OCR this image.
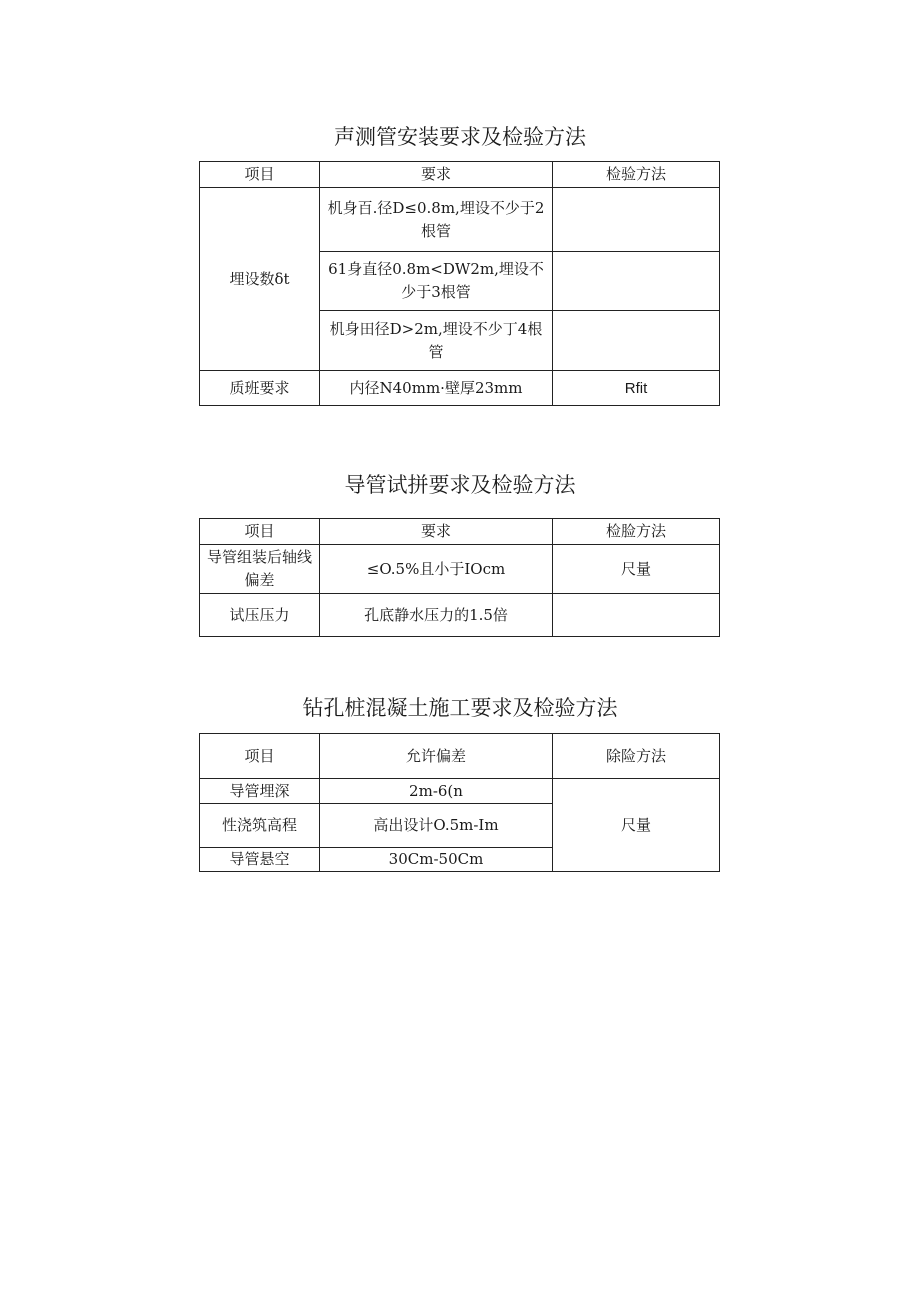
声测管安装要求及检验方法
项目	要求	检验方法
埋设数δt	机身百.径D≤0.8m,埋设不少于2根管	
	61身直径0.8m<DW2m,埋设不少于3根管	
	机身田径D>2m,埋设不少丁4根管	
质班要求	内径N40mm·壁厚23mm	Rfit
导管试拼要求及检验方法
项目	要求	检脸方法
导管组装后轴线偏差	≤O.5%且小于IOcm	尺量
试压压力	孔底静水压力的1.5倍	
钻孔桩混凝土施工要求及检验方法
项目	允许偏差	除险方法
导管埋深	2m-6(n	尺量
性浇筑高程	高出设计O.5m-Im	
导管悬空	30Cm-50Cm	
